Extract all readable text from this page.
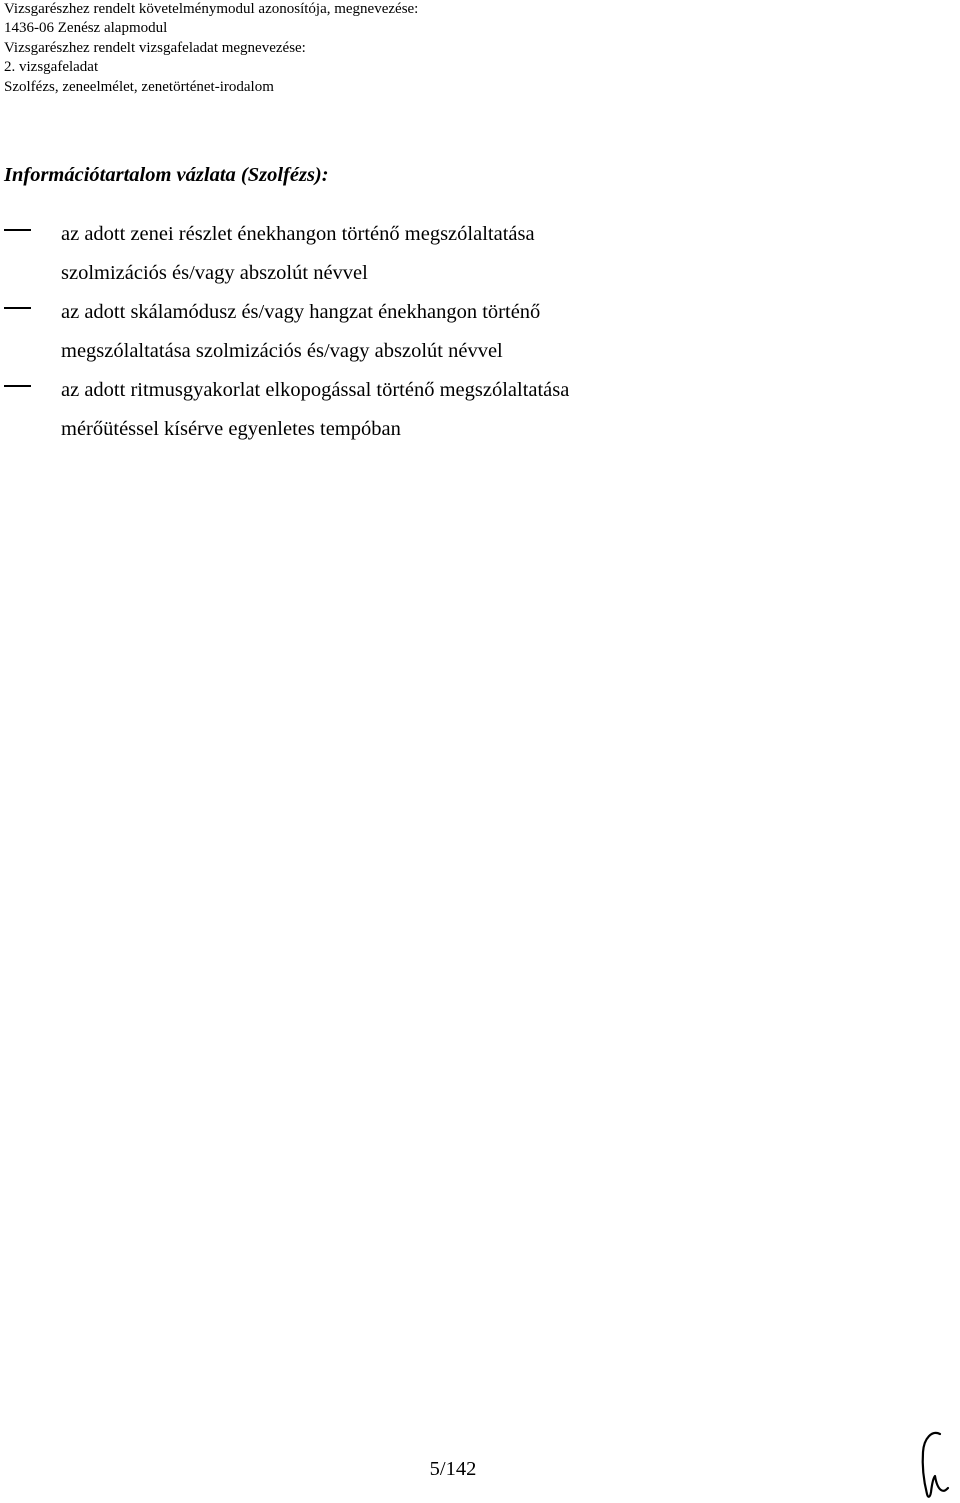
Vizsgarészhez rendelt követelménymodul azonosítója, megnevezése:
1436-06 Zenész alapmodul
Vizsgarészhez rendelt vizsgafeladat megnevezése:
2. vizsgafeladat
Szolfézs, zeneelmélet, zenetörténet-irodalom
Információtartalom vázlata (Szolfézs):
az adott zenei részlet énekhangon történő megszólaltatása
szolmizációs és/vagy abszolút névvel
az adott skálamódusz és/vagy hangzat énekhangon történő
megszólaltatása szolmizációs és/vagy abszolút névvel
az adott ritmusgyakorlat elkopogással történő megszólaltatása
mérőütéssel kísérve egyenletes tempóban
5/142
